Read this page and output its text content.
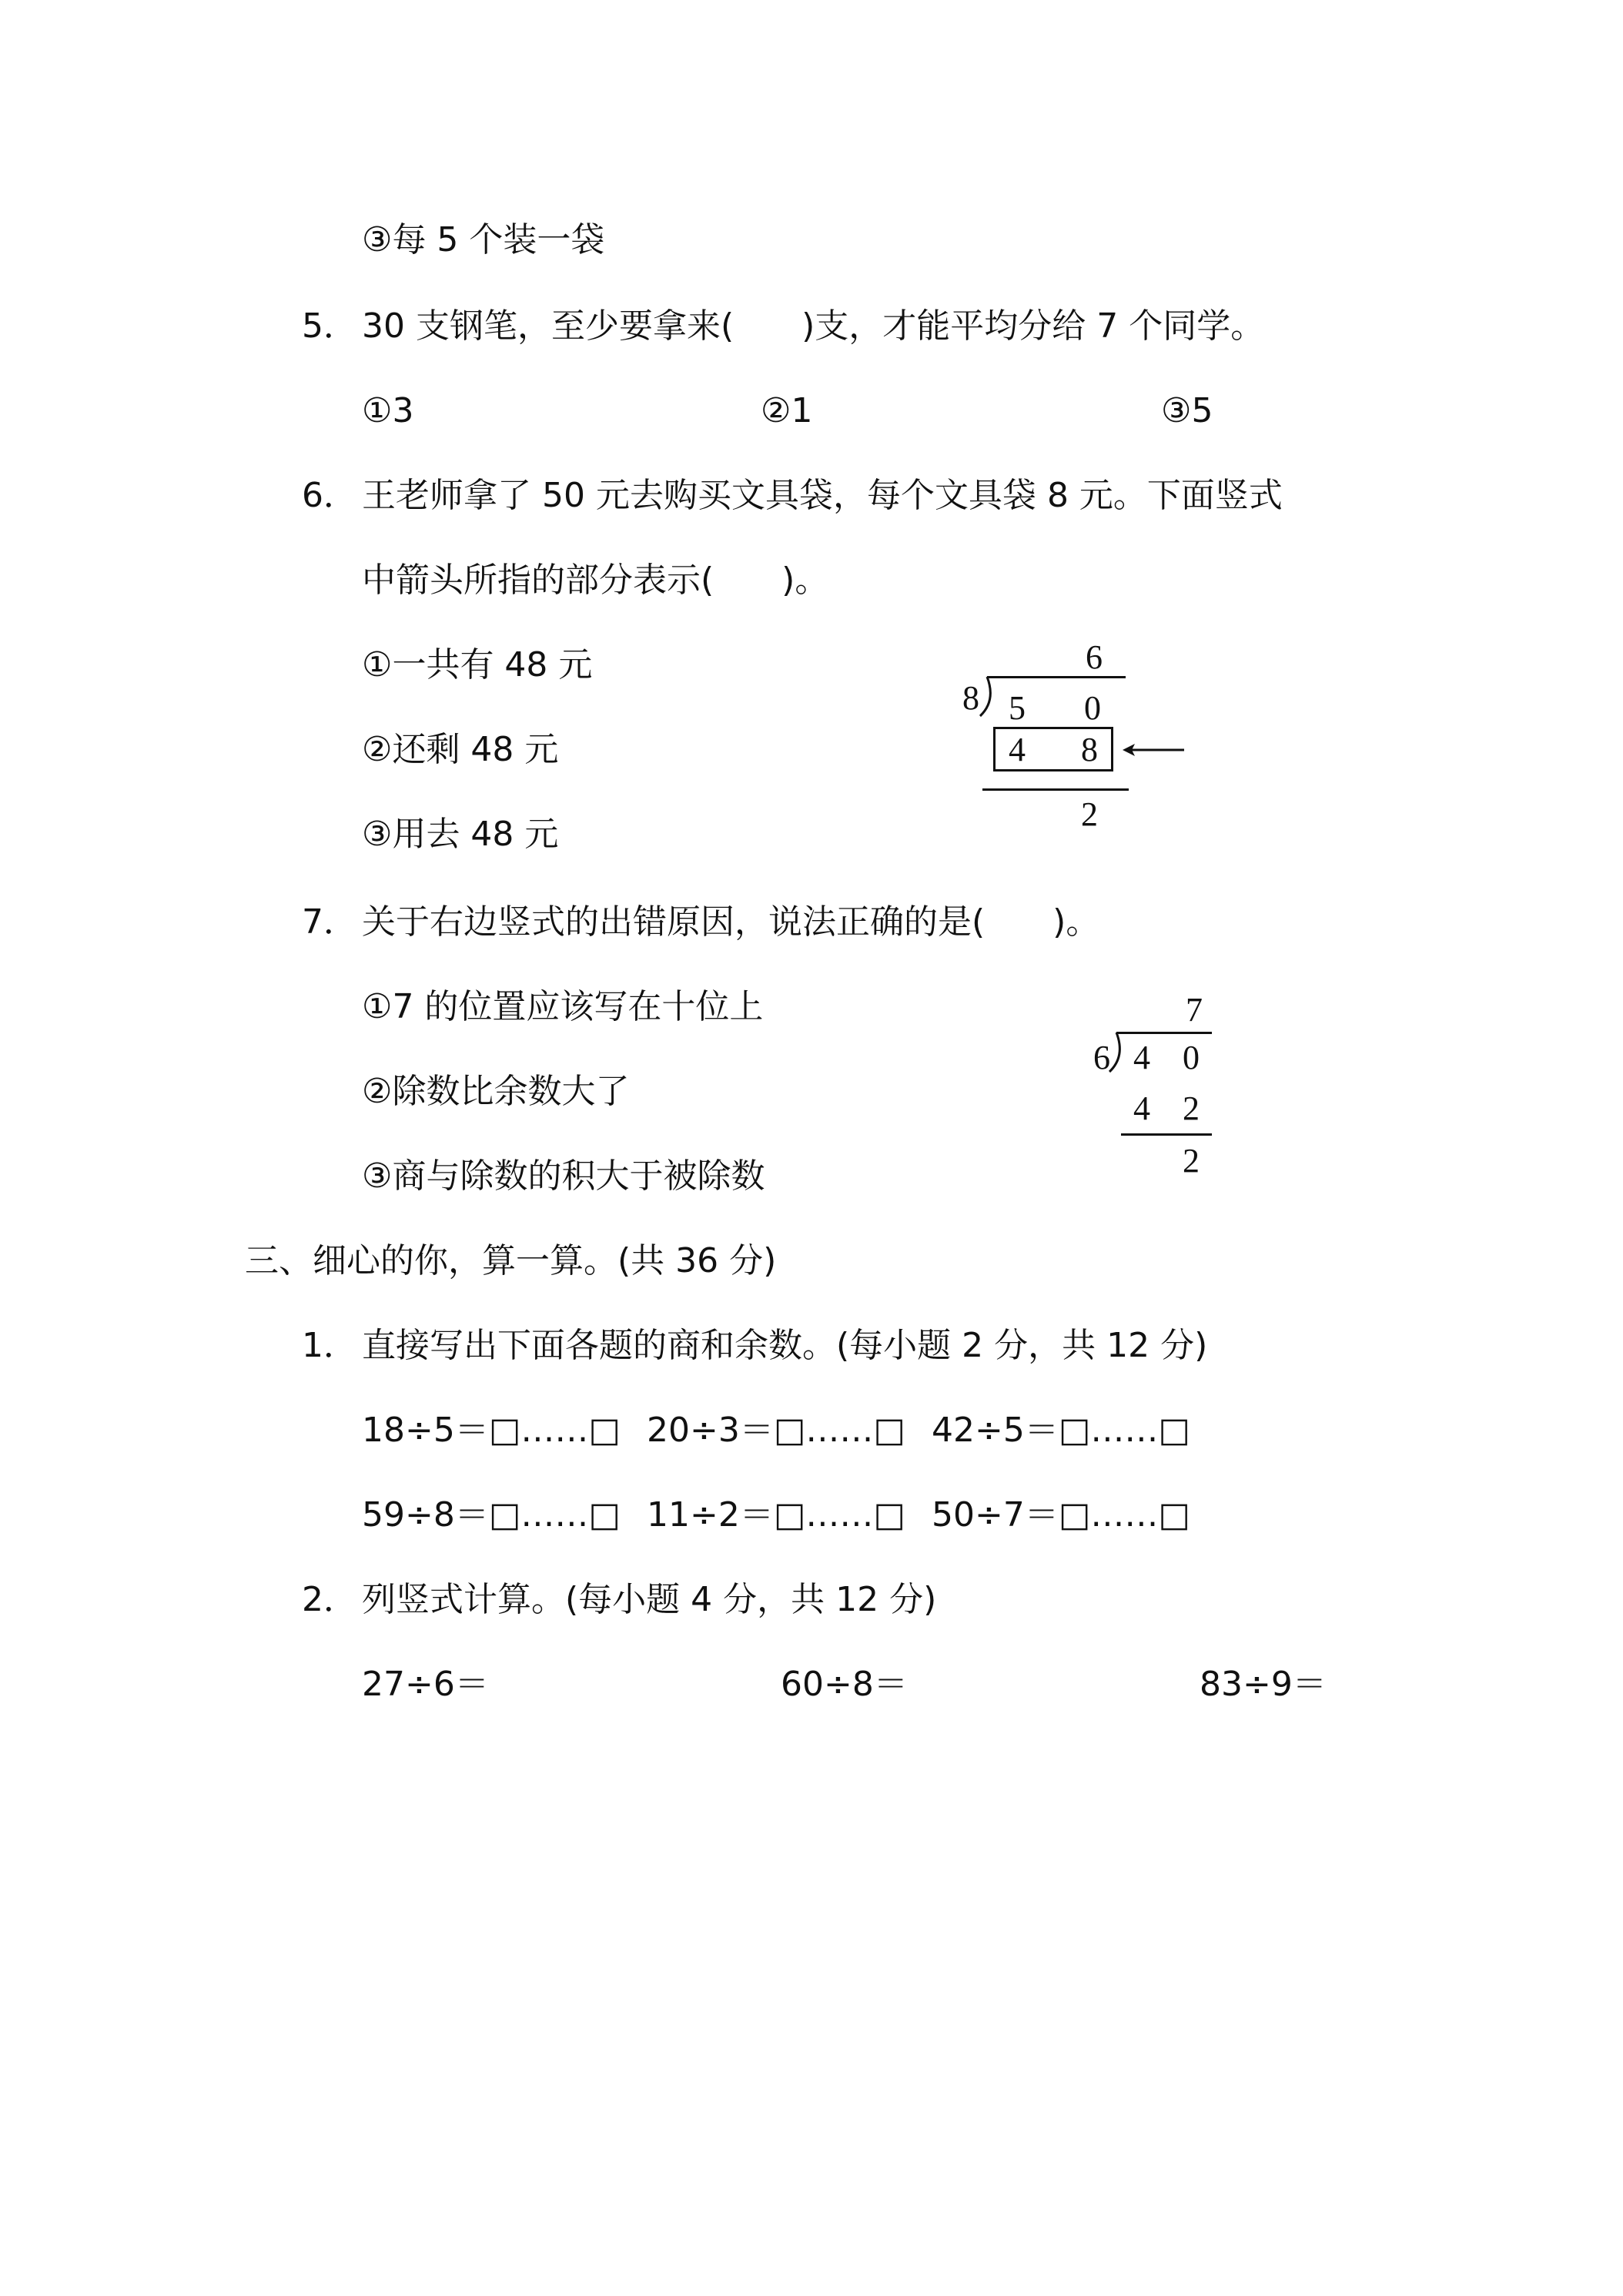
③每 5 个装一袋
5． 30 支钢笔，至少要拿来(　　)支，才能平均分给 7 个同学。
①3	②1	③5
6． 王老师拿了 50 元去购买文具袋，每个文具袋 8 元。下面竖式
中箭头所指的部分表示(　　)。
①一共有 48 元
②还剩 48 元
③用去 48 元
6
8 5 0
4 8
2
7． 关于右边竖式的出错原因，说法正确的是(　　)。
①7 的位置应该写在十位上
②除数比余数大了
③商与除数的积大于被除数
7
6 4 0
4 2
2
三、细心的你，算一算。(共 36 分)
1． 直接写出下面各题的商和余数。(每小题 2 分，共 12 分)
18÷5＝□……□ 20÷3＝□……□ 42÷5＝□……□
59÷8＝□……□ 11÷2＝□……□ 50÷7＝□……□
2． 列竖式计算。(每小题 4 分，共 12 分)
27÷6＝	60÷8＝	83÷9＝
